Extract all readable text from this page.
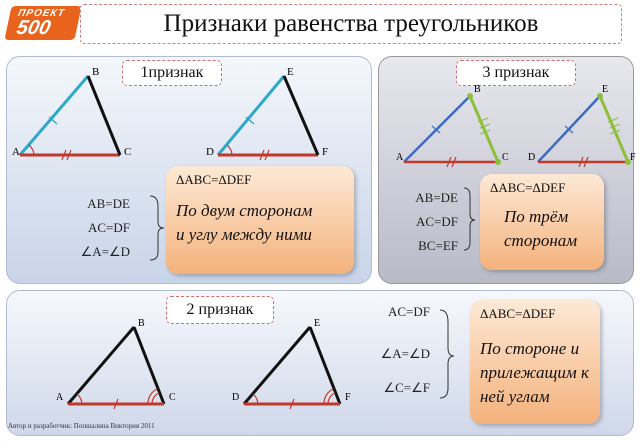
ПРОЕКТ
500	Признаки равенства треугольников
1признак
A
B
C	D
E
F
AB=DE
AC=DF
∠A=∠D
ΔABC=ΔDEF
По двум сторонам
и углу между ними
3 признак
A
B
C D
E
F
AB=DE
AC=DF
BC=EF
ΔABC=ΔDEF
По трём
сторонам
2 признак
A
B
C	D
E
F
AC=DF
∠A=∠D
∠C=∠F
ΔABC=ΔDEF
По стороне и
прилежащим к
ней углам
Автор и разработчик: Попшалина Виктория 2011
